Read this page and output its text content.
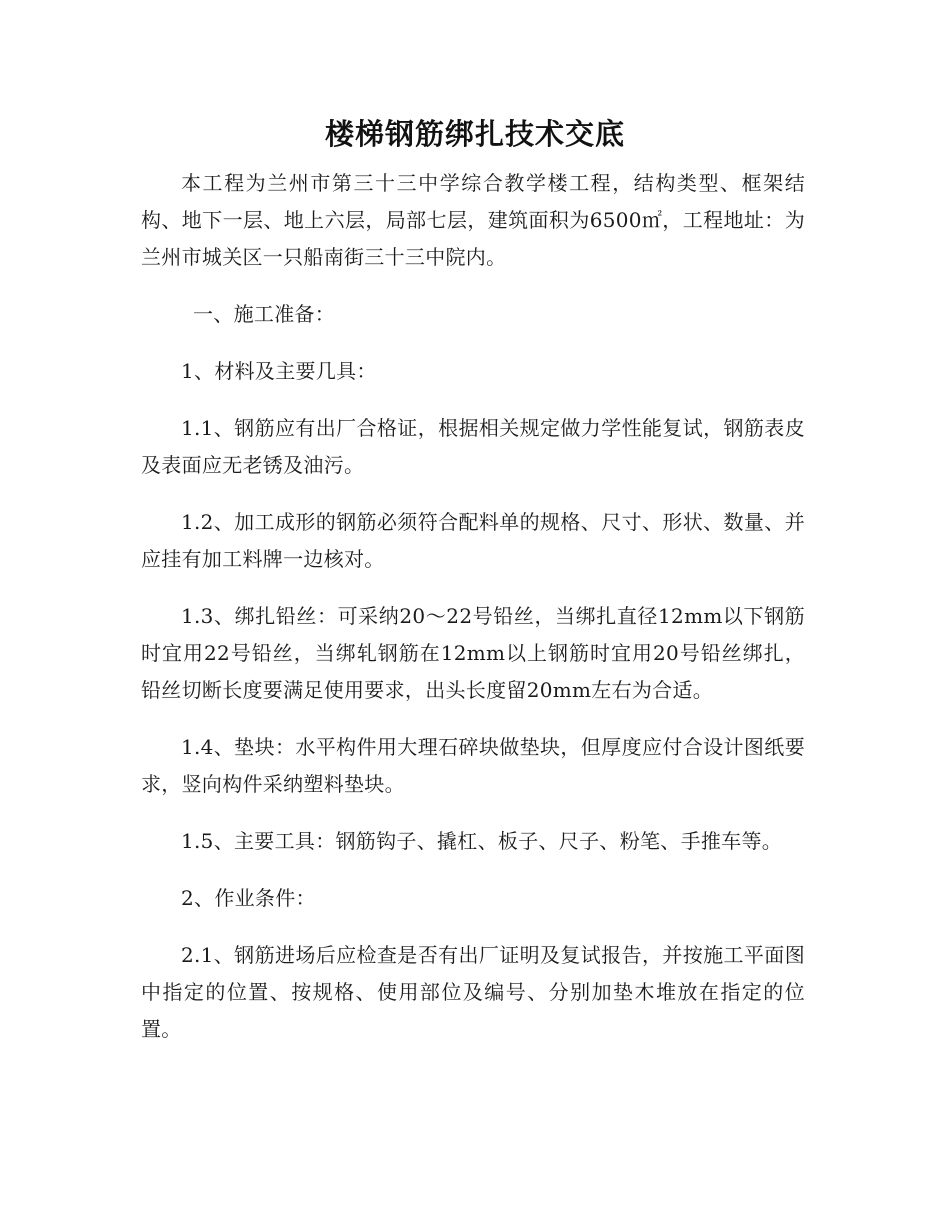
楼梯钢筋绑扎技术交底

本工程为兰州市第三十三中学综合教学楼工程，结构类型、框架结构、地下一层、地上六层，局部七层，建筑面积为6500㎡，工程地址：为兰州市城关区一只船南街三十三中院内。

一、施工准备：

1、材料及主要几具：

1.1、钢筋应有出厂合格证，根据相关规定做力学性能复试，钢筋表皮及表面应无老锈及油污。

1.2、加工成形的钢筋必须符合配料单的规格、尺寸、形状、数量、并应挂有加工料牌一边核对。

1.3、绑扎铅丝：可采纳20～22号铅丝，当绑扎直径12mm以下钢筋时宜用22号铅丝，当绑轧钢筋在12mm以上钢筋时宜用20号铅丝绑扎，铅丝切断长度要满足使用要求，出头长度留20mm左右为合适。

1.4、垫块：水平构件用大理石碎块做垫块，但厚度应付合设计图纸要求，竖向构件采纳塑料垫块。

1.5、主要工具：钢筋钩子、撬杠、板子、尺子、粉笔、手推车等。

2、作业条件：

2.1、钢筋进场后应检查是否有出厂证明及复试报告，并按施工平面图中指定的位置、按规格、使用部位及编号、分别加垫木堆放在指定的位置。
